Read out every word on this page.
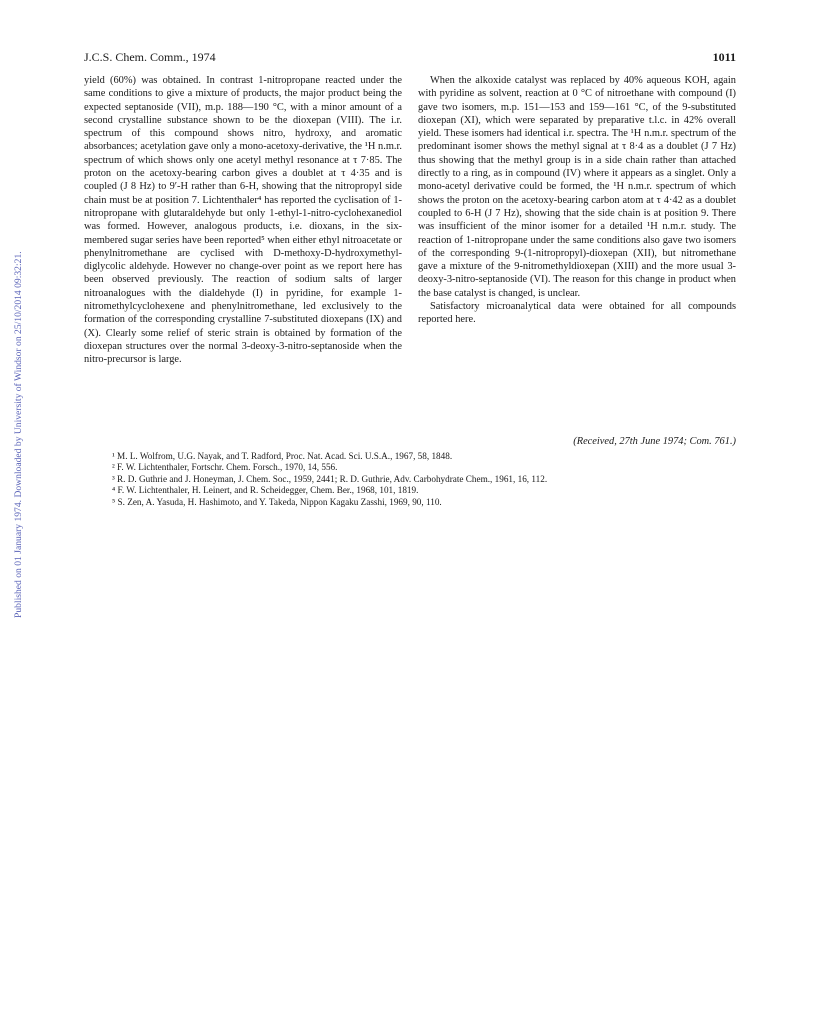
J.C.S. Chem. Comm., 1974	1011
Published on 01 January 1974. Downloaded by University of Windsor on 25/10/2014 09:32:21.

yield (60%) was obtained. In contrast 1-nitropropane reacted under the same conditions to give a mixture of products, the major product being the expected septanoside (VII), m.p. 188—190 °C, with a minor amount of a second crystalline substance shown to be the dioxepan (VIII). The i.r. spectrum of this compound shows nitro, hydroxy, and aromatic absorbances; acetylation gave only a mono-acetoxy-derivative, the ¹H n.m.r. spectrum of which shows only one acetyl methyl resonance at τ 7·85. The proton on the acetoxy-bearing carbon gives a doublet at τ 4·35 and is coupled (J 8 Hz) to 9′-H rather than 6-H, showing that the nitropropyl side chain must be at position 7. Lichtenthaler⁴ has reported the cyclisation of 1-nitropropane with glutaraldehyde but only 1-ethyl-1-nitro-cyclohexanediol was formed. However, analogous products, i.e. dioxans, in the six-membered sugar series have been reported⁵ when either ethyl nitroacetate or phenylnitromethane are cyclised with D-methoxy-D-hydroxymethyl-diglycolic aldehyde. However no change-over point as we report here has been observed previously. The reaction of sodium salts of larger nitroanalogues with the dialdehyde (I) in pyridine, for example 1-nitromethylcyclohexene and phenylnitromethane, led exclusively to the formation of the corresponding crystalline 7-substituted dioxepans (IX) and (X). Clearly some relief of steric strain is obtained by formation of the dioxepan structures over the normal 3-deoxy-3-nitro-septanoside when the nitro-precursor is large.

When the alkoxide catalyst was replaced by 40% aqueous KOH, again with pyridine as solvent, reaction at 0 °C of nitroethane with compound (I) gave two isomers, m.p. 151—153 and 159—161 °C, of the 9-substituted dioxepan (XI), which were separated by preparative t.l.c. in 42% overall yield. These isomers had identical i.r. spectra. The ¹H n.m.r. spectrum of the predominant isomer shows the methyl signal at τ 8·4 as a doublet (J 7 Hz) thus showing that the methyl group is in a side chain rather than attached directly to a ring, as in compound (IV) where it appears as a singlet. Only a mono-acetyl derivative could be formed, the ¹H n.m.r. spectrum of which shows the proton on the acetoxy-bearing carbon atom at τ 4·42 as a doublet coupled to 6-H (J 7 Hz), showing that the side chain is at position 9. There was insufficient of the minor isomer for a detailed ¹H n.m.r. study. The reaction of 1-nitropropane under the same conditions also gave two isomers of the corresponding 9-(1-nitropropyl)-dioxepan (XII), but nitromethane gave a mixture of the 9-nitromethyldioxepan (XIII) and the more usual 3-deoxy-3-nitro-septanoside (VI). The reason for this change in product when the base catalyst is changed, is unclear.

Satisfactory microanalytical data were obtained for all compounds reported here.

(Received, 27th June 1974; Com. 761.)
¹ M. L. Wolfrom, U.G. Nayak, and T. Radford, Proc. Nat. Acad. Sci. U.S.A., 1967, 58, 1848.
² F. W. Lichtenthaler, Fortschr. Chem. Forsch., 1970, 14, 556.
³ R. D. Guthrie and J. Honeyman, J. Chem. Soc., 1959, 2441; R. D. Guthrie, Adv. Carbohydrate Chem., 1961, 16, 112.
⁴ F. W. Lichtenthaler, H. Leinert, and R. Scheidegger, Chem. Ber., 1968, 101, 1819.
⁵ S. Zen, A. Yasuda, H. Hashimoto, and Y. Takeda, Nippon Kagaku Zasshi, 1969, 90, 110.
